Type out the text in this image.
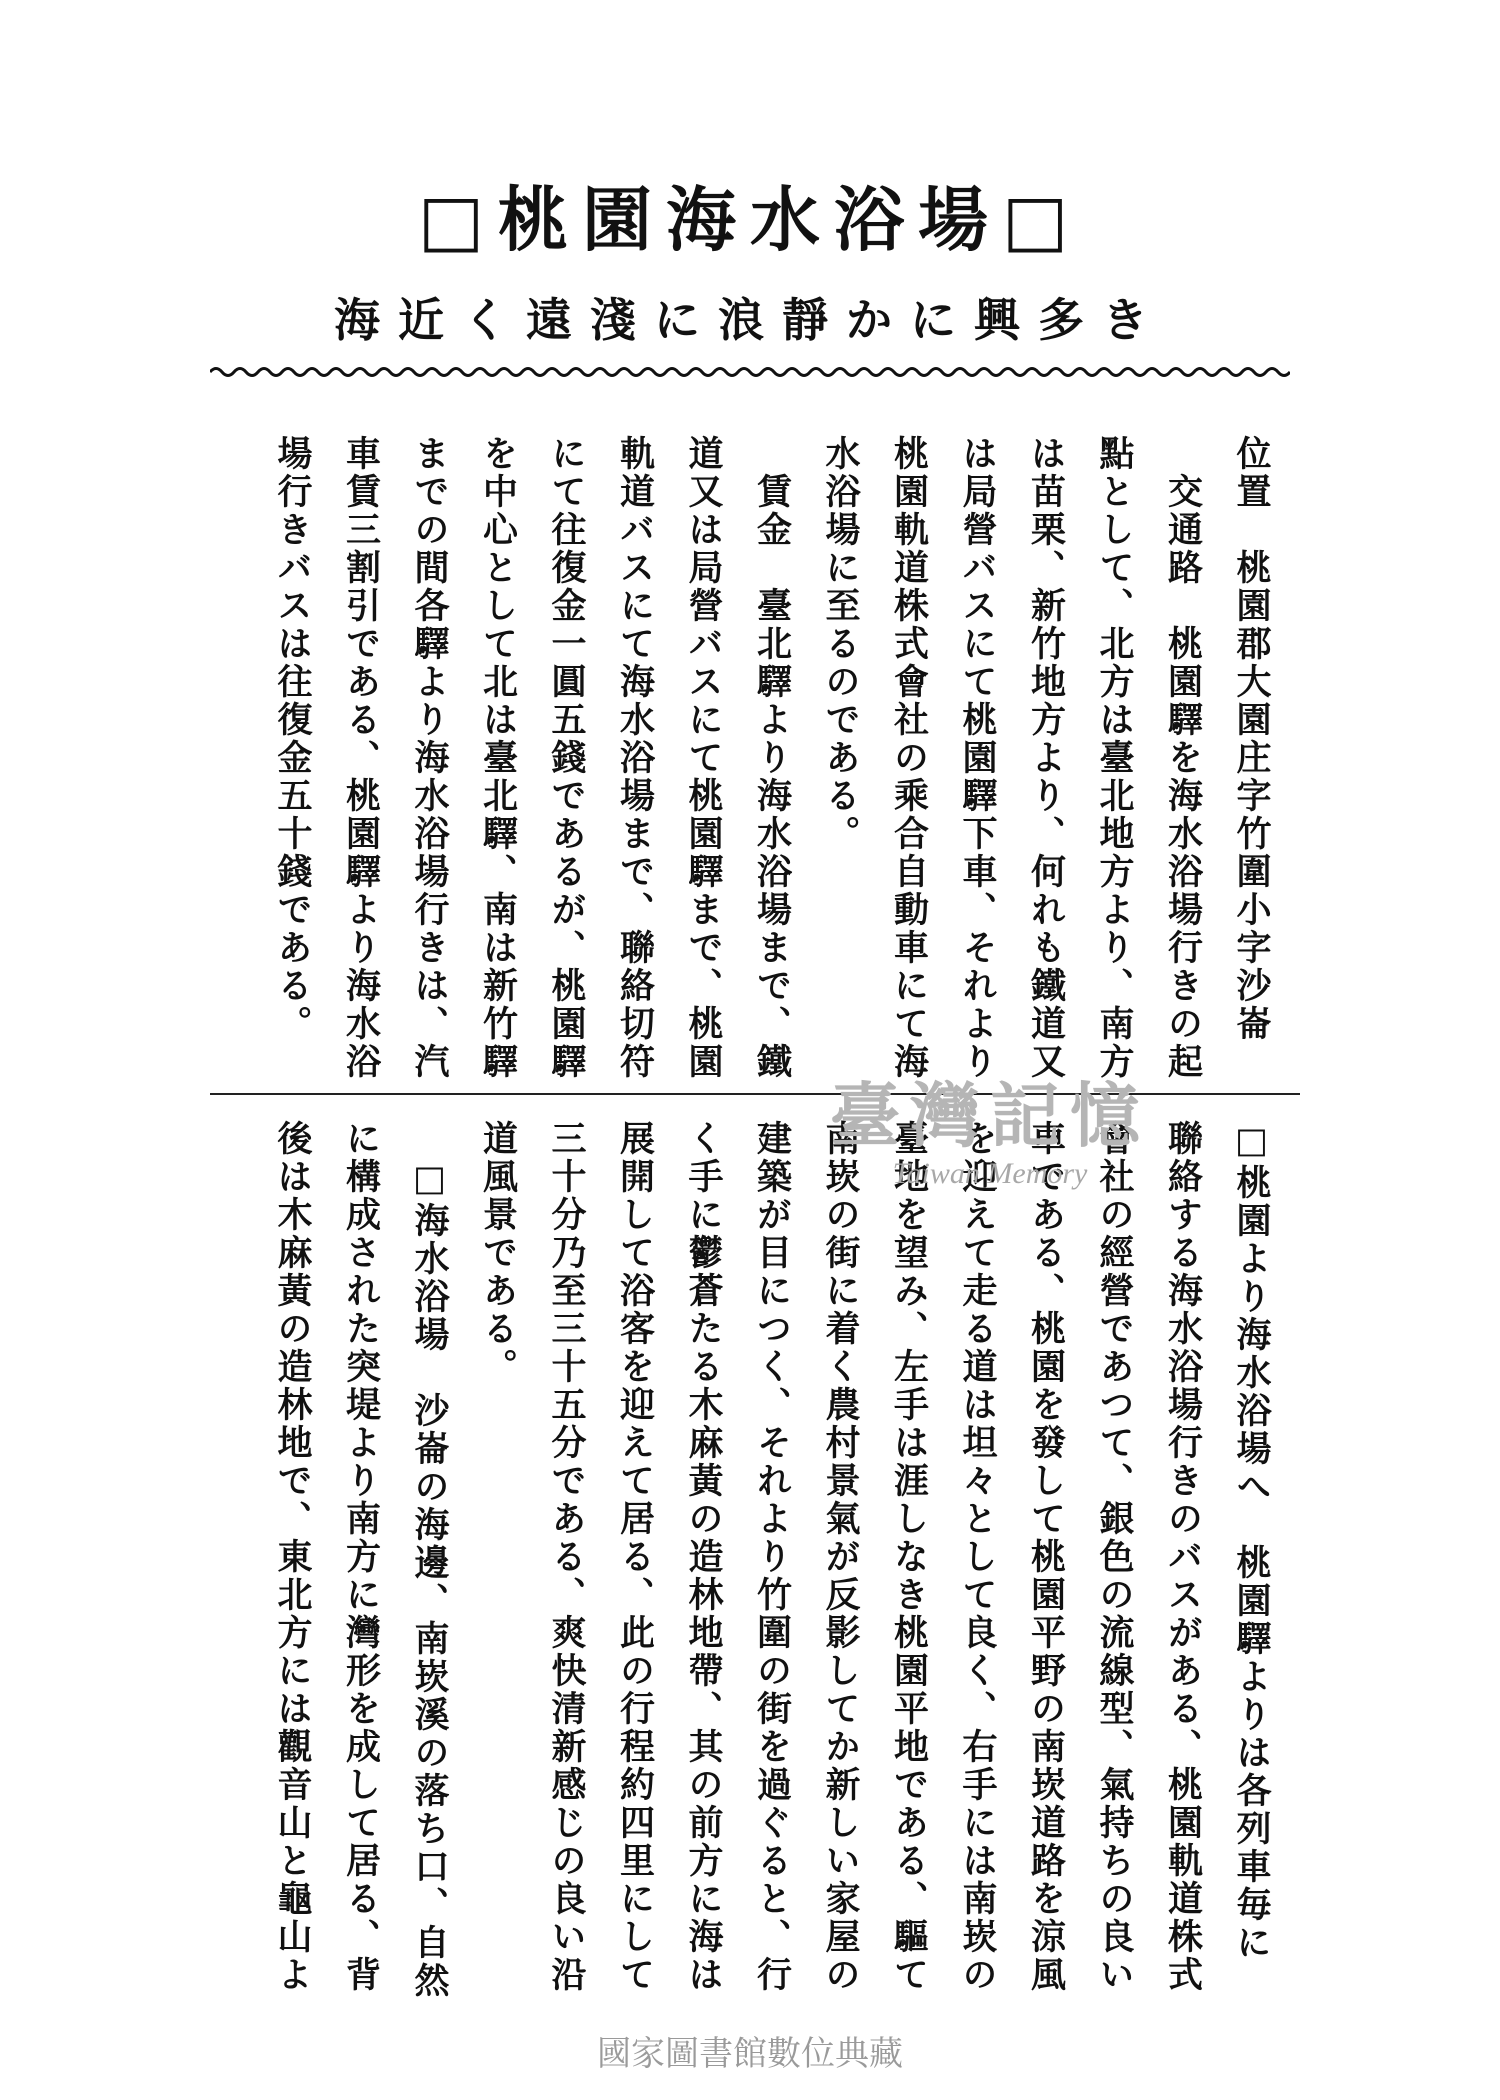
□桃園海水浴場□
海近く遠淺に浪靜かに興多き

位置　桃園郡大園庄字竹圍小字沙崙

　交通路　桃園驛を海水浴場行きの起

點として、北方は臺北地方より、南方

は苗栗、新竹地方より、何れも鐵道又

は局營バスにて桃園驛下車、それより

桃園軌道株式會社の乘合自動車にて海

水浴場に至るのである。

　賃金　臺北驛より海水浴場まで、鐵

道又は局營バスにて桃園驛まで、桃園

軌道バスにて海水浴場まで、聯絡切符

にて往復金一圓五錢であるが、桃園驛

を中心として北は臺北驛、南は新竹驛

までの間各驛より海水浴場行きは、汽

車賃三割引である、桃園驛より海水浴

場行きバスは往復金五十錢である。

□桃園より海水浴場へ　桃園驛よりは各列車毎に

聯絡する海水浴場行きのバスがある、桃園軌道株式

會社の經營であつて、銀色の流線型、氣持ちの良い

車である、桃園を發して桃園平野の南崁道路を涼風

を迎えて走る道は坦々として良く、右手には南崁の

臺地を望み、左手は涯しなき桃園平地である、驅て

南崁の街に着く農村景氣が反影してか新しい家屋の

建築が目につく、それより竹圍の街を過ぐると、行

く手に鬱蒼たる木麻黃の造林地帶、其の前方に海は

展開して浴客を迎えて居る、此の行程約四里にして

三十分乃至三十五分である、爽快清新感じの良い沿

道風景である。

　□海水浴場　沙崙の海邊、南崁溪の落ち口、自然

に構成された突堤より南方に灣形を成して居る、背

後は木麻黃の造林地で、東北方には觀音山と龜山よ

臺灣記憶
Taiwan Memory
國家圖書館數位典藏
